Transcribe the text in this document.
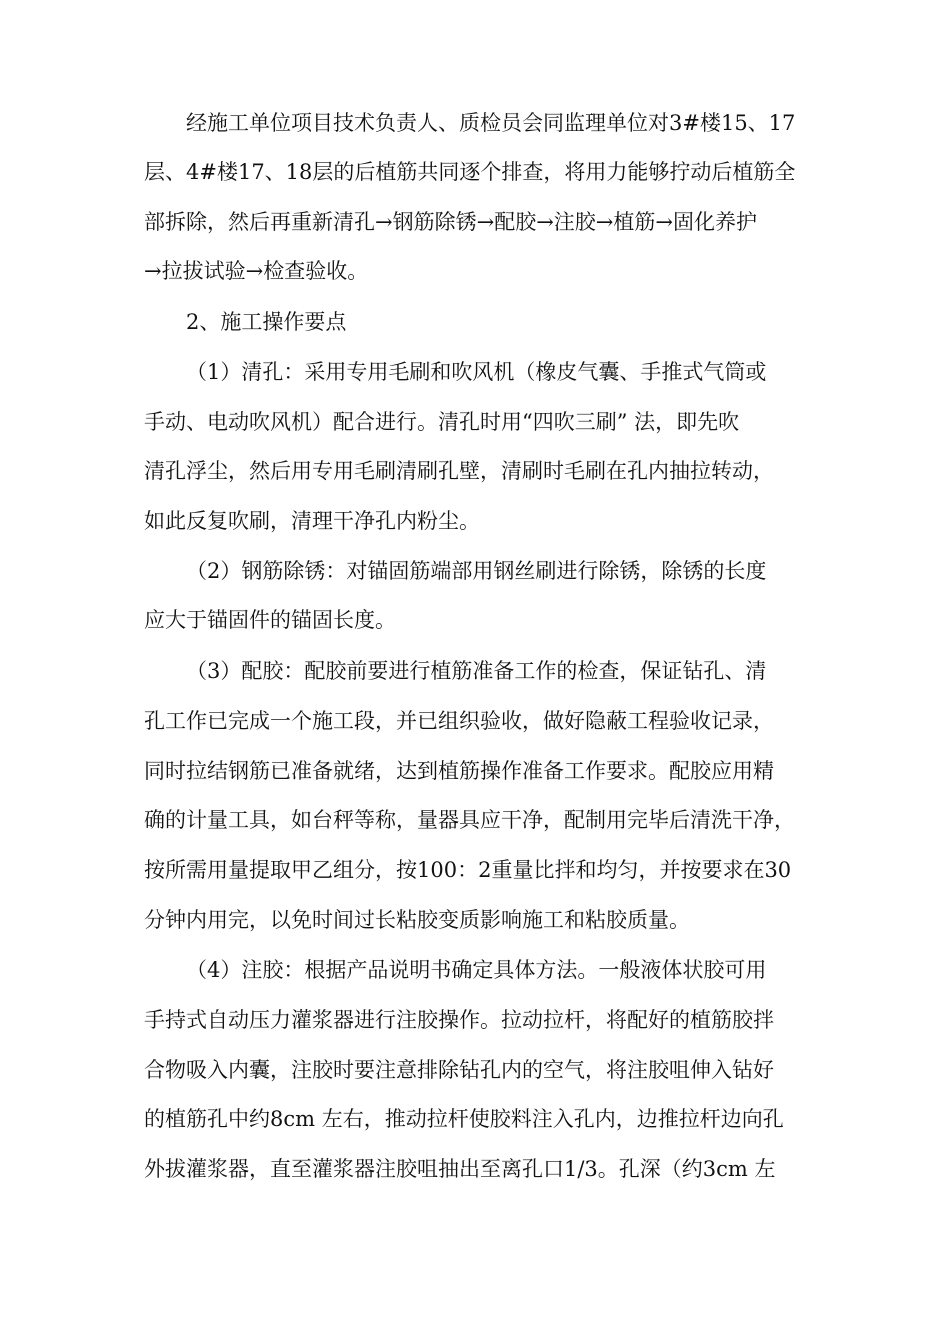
经施工单位项目技术负责人、质检员会同监理单位对3#楼15、17

层、4#楼17、18层的后植筋共同逐个排查，将用力能够拧动后植筋全

部拆除，然后再重新清孔→钢筋除锈→配胶→注胶→植筋→固化养护

→拉拔试验→检查验收。

2、施工操作要点

（1）清孔：采用专用毛刷和吹风机（橡皮气囊、手推式气筒或

手动、电动吹风机）配合进行。清孔时用“四吹三刷” 法，即先吹

清孔浮尘，然后用专用毛刷清刷孔壁，清刷时毛刷在孔内抽拉转动，

如此反复吹刷，清理干净孔内粉尘。

（2）钢筋除锈：对锚固筋端部用钢丝刷进行除锈，除锈的长度

应大于锚固件的锚固长度。

（3）配胶：配胶前要进行植筋准备工作的检查，保证钻孔、清

孔工作已完成一个施工段，并已组织验收，做好隐蔽工程验收记录，

同时拉结钢筋已准备就绪，达到植筋操作准备工作要求。配胶应用精

确的计量工具，如台秤等称，量器具应干净，配制用完毕后清洗干净，

按所需用量提取甲乙组分，按100：2重量比拌和均匀，并按要求在30

分钟内用完，以免时间过长粘胶变质影响施工和粘胶质量。

（4）注胶：根据产品说明书确定具体方法。一般液体状胶可用

手持式自动压力灌浆器进行注胶操作。拉动拉杆，将配好的植筋胶拌

合物吸入内囊，注胶时要注意排除钻孔内的空气，将注胶咀伸入钻好

的植筋孔中约8cm 左右，推动拉杆使胶料注入孔内，边推拉杆边向孔

外拔灌浆器，直至灌浆器注胶咀抽出至离孔口1/3。孔深（约3cm 左
